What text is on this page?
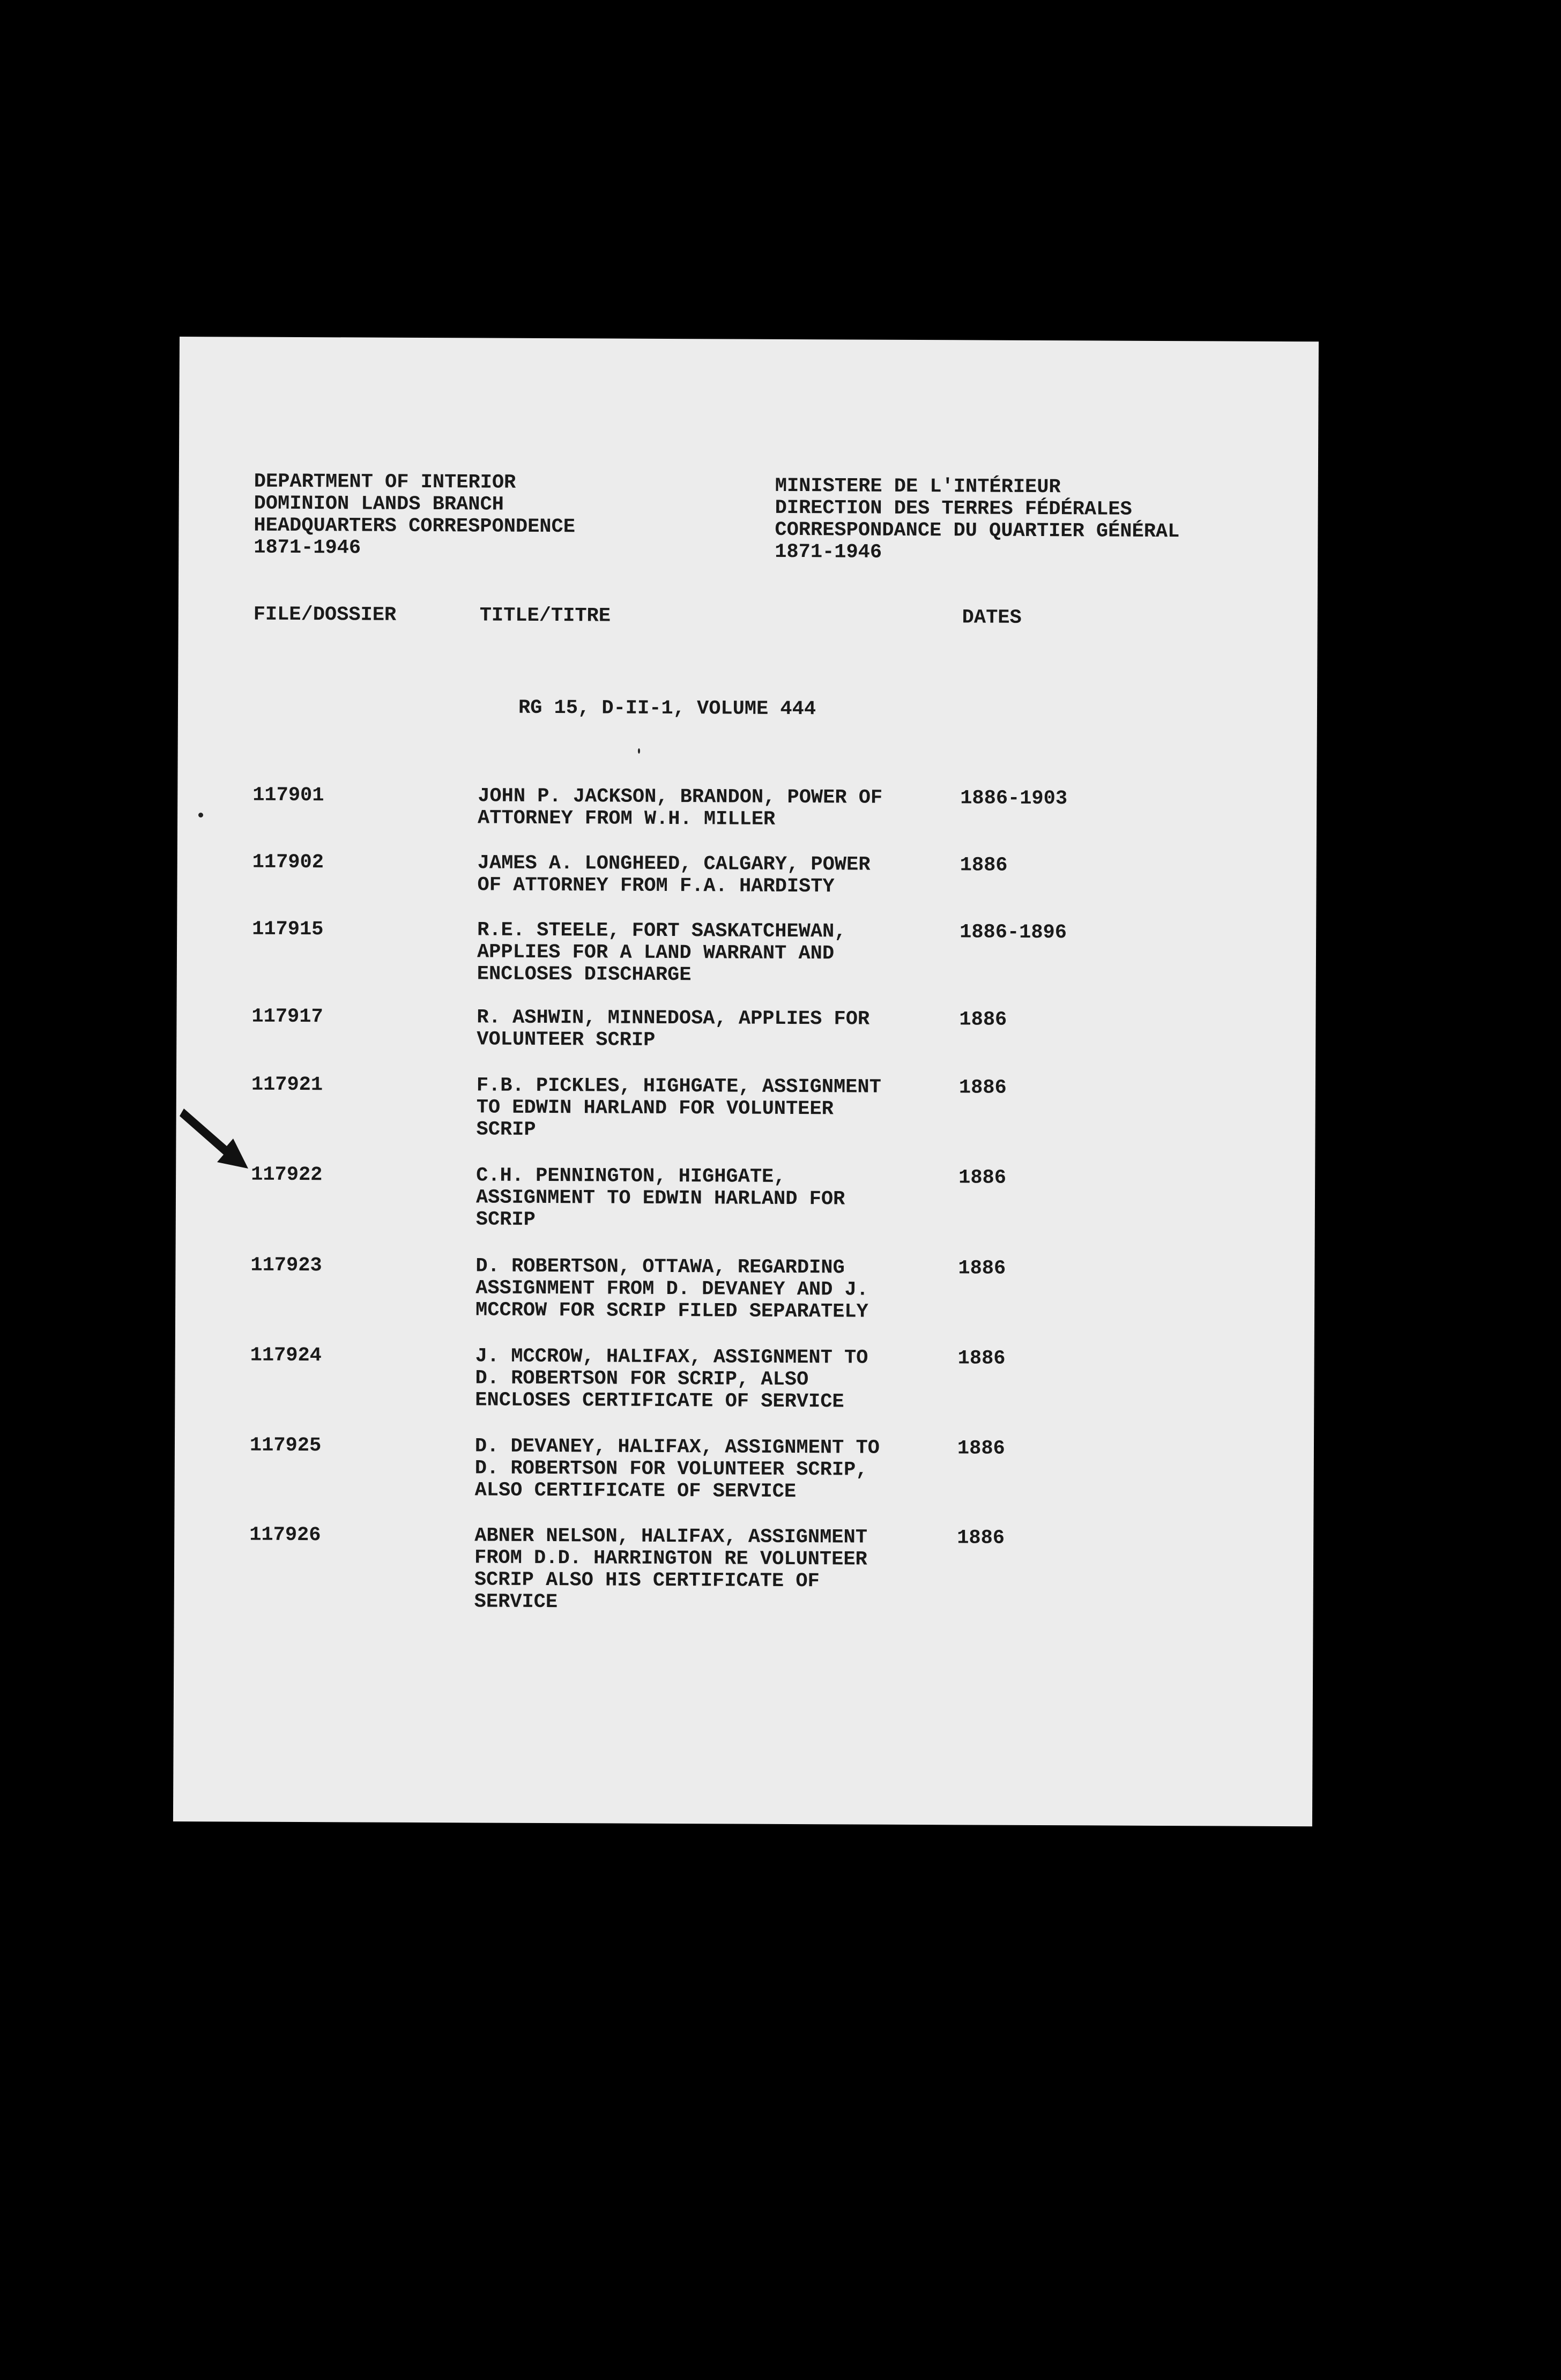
DEPARTMENT OF INTERIOR
DOMINION LANDS BRANCH
HEADQUARTERS CORRESPONDENCE
1871-1946
MINISTERE DE L'INTÉRIEUR
DIRECTION DES TERRES FÉDÉRALES
CORRESPONDANCE DU QUARTIER GÉNÉRAL
1871-1946
FILE/DOSSIER	TITLE/TITRE	DATES
RG 15, D-II-1, VOLUME 444
117901	JOHN P. JACKSON, BRANDON, POWER OF
ATTORNEY FROM W.H. MILLER
1886-1903
117902	JAMES A. LONGHEED, CALGARY, POWER
OF ATTORNEY FROM F.A. HARDISTY
1886
117915	R.E. STEELE, FORT SASKATCHEWAN,
APPLIES FOR A LAND WARRANT AND
ENCLOSES DISCHARGE
1886-1896
117917	R. ASHWIN, MINNEDOSA, APPLIES FOR
VOLUNTEER SCRIP
1886
117921	F.B. PICKLES, HIGHGATE, ASSIGNMENT
TO EDWIN HARLAND FOR VOLUNTEER
SCRIP
1886
117922	C.H. PENNINGTON, HIGHGATE,
ASSIGNMENT TO EDWIN HARLAND FOR
SCRIP
1886
117923	D. ROBERTSON, OTTAWA, REGARDING
ASSIGNMENT FROM D. DEVANEY AND J.
MCCROW FOR SCRIP FILED SEPARATELY
1886
117924	J. MCCROW, HALIFAX, ASSIGNMENT TO
D. ROBERTSON FOR SCRIP, ALSO
ENCLOSES CERTIFICATE OF SERVICE
1886
117925	D. DEVANEY, HALIFAX, ASSIGNMENT TO
D. ROBERTSON FOR VOLUNTEER SCRIP,
ALSO CERTIFICATE OF SERVICE
1886
117926	ABNER NELSON, HALIFAX, ASSIGNMENT
FROM D.D. HARRINGTON RE VOLUNTEER
SCRIP ALSO HIS CERTIFICATE OF
SERVICE
1886
